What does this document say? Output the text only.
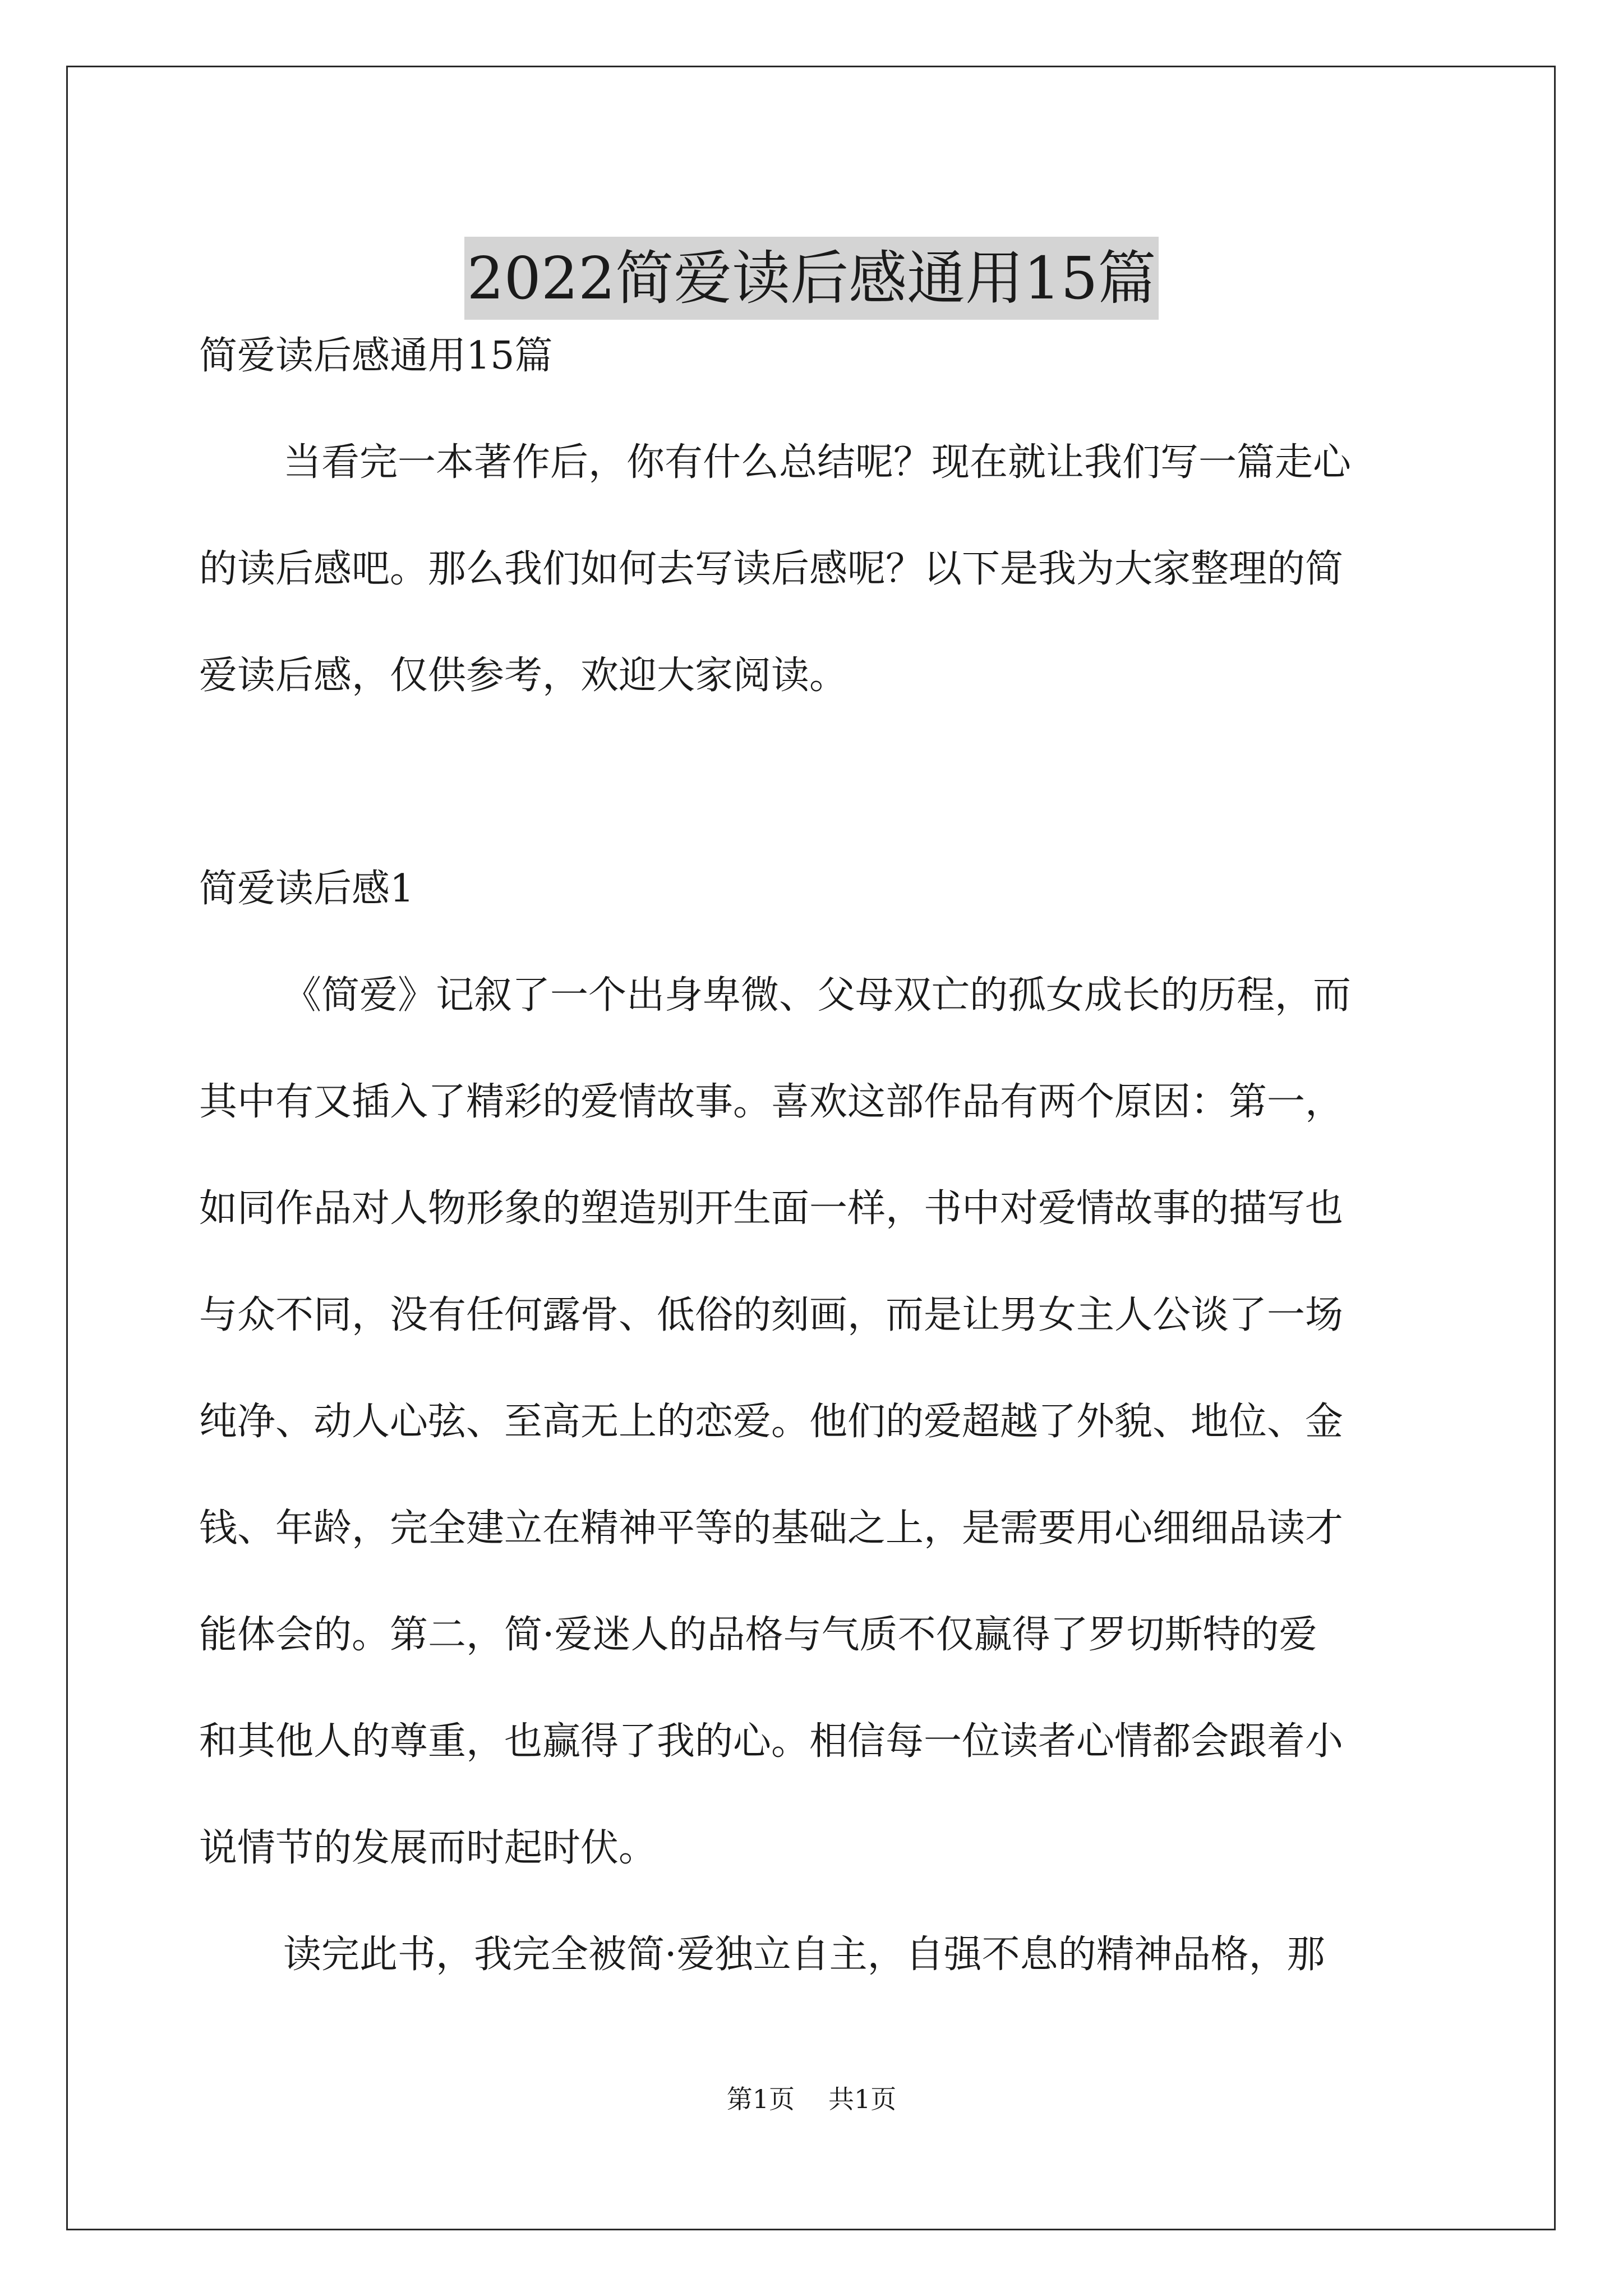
2022简爱读后感通用15篇
简爱读后感通用15篇
当看完一本著作后，你有什么总结呢？现在就让我们写一篇走心
的读后感吧。那么我们如何去写读后感呢？以下是我为大家整理的简
爱读后感，仅供参考，欢迎大家阅读。
简爱读后感1
《简爱》记叙了一个出身卑微、父母双亡的孤女成长的历程，而
其中有又插入了精彩的爱情故事。喜欢这部作品有两个原因：第一，
如同作品对人物形象的塑造别开生面一样，书中对爱情故事的描写也
与众不同，没有任何露骨、低俗的刻画，而是让男女主人公谈了一场
纯净、动人心弦、至高无上的恋爱。他们的爱超越了外貌、地位、金
钱、年龄，完全建立在精神平等的基础之上，是需要用心细细品读才
能体会的。第二，简·爱迷人的品格与气质不仅赢得了罗切斯特的爱
和其他人的尊重，也赢得了我的心。相信每一位读者心情都会跟着小
说情节的发展而时起时伏。
读完此书，我完全被简·爱独立自主，自强不息的精神品格，那
第1页 共1页
